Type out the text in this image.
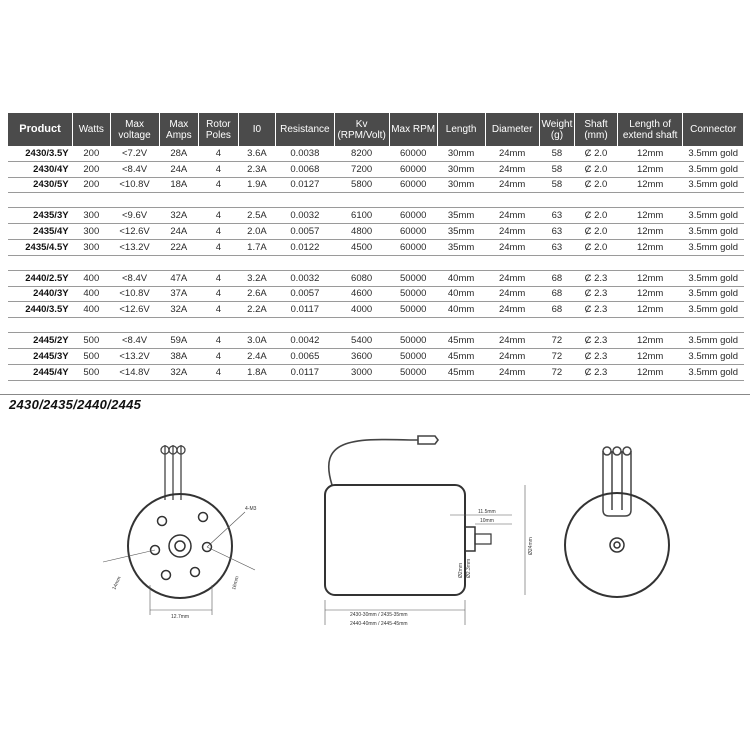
Product	Watts	Max voltage	Max Amps	Rotor Poles	I0	Resistance	Kv (RPM/Volt)	Max RPM	Length	Diameter	Weight (g)	Shaft (mm)	Length of extend shaft	Connector
2430/3.5Y	200	<7.2V	28A	4	3.6A	0.0038	8200	60000	30mm	24mm	58	Ȼ 2.0	12mm	3.5mm gold
2430/4Y	200	<8.4V	24A	4	2.3A	0.0068	7200	60000	30mm	24mm	58	Ȼ 2.0	12mm	3.5mm gold
2430/5Y	200	<10.8V	18A	4	1.9A	0.0127	5800	60000	30mm	24mm	58	Ȼ 2.0	12mm	3.5mm gold

2435/3Y	300	<9.6V	32A	4	2.5A	0.0032	6100	60000	35mm	24mm	63	Ȼ 2.0	12mm	3.5mm gold
2435/4Y	300	<12.6V	24A	4	2.0A	0.0057	4800	60000	35mm	24mm	63	Ȼ 2.0	12mm	3.5mm gold
2435/4.5Y	300	<13.2V	22A	4	1.7A	0.0122	4500	60000	35mm	24mm	63	Ȼ 2.0	12mm	3.5mm gold

2440/2.5Y	400	<8.4V	47A	4	3.2A	0.0032	6080	50000	40mm	24mm	68	Ȼ 2.3	12mm	3.5mm gold
2440/3Y	400	<10.8V	37A	4	2.6A	0.0057	4600	50000	40mm	24mm	68	Ȼ 2.3	12mm	3.5mm gold
2440/3.5Y	400	<12.6V	32A	4	2.2A	0.0117	4000	50000	40mm	24mm	68	Ȼ 2.3	12mm	3.5mm gold

2445/2Y	500	<8.4V	59A	4	3.0A	0.0042	5400	50000	45mm	24mm	72	Ȼ 2.3	12mm	3.5mm gold
2445/3Y	500	<13.2V	38A	4	2.4A	0.0065	3600	50000	45mm	24mm	72	Ȼ 2.3	12mm	3.5mm gold
2445/4Y	500	<14.8V	32A	4	1.8A	0.0117	3000	50000	45mm	24mm	72	Ȼ 2.3	12mm	3.5mm gold
2430/2435/2440/2445
4-M3
14mm	16mm
12.7mm
11.5mm
10mm
Ø2mm Ø2.3mm
Ø24mm
2430-30mm / 2435-35mm
2440-40mm / 2445-45mm
